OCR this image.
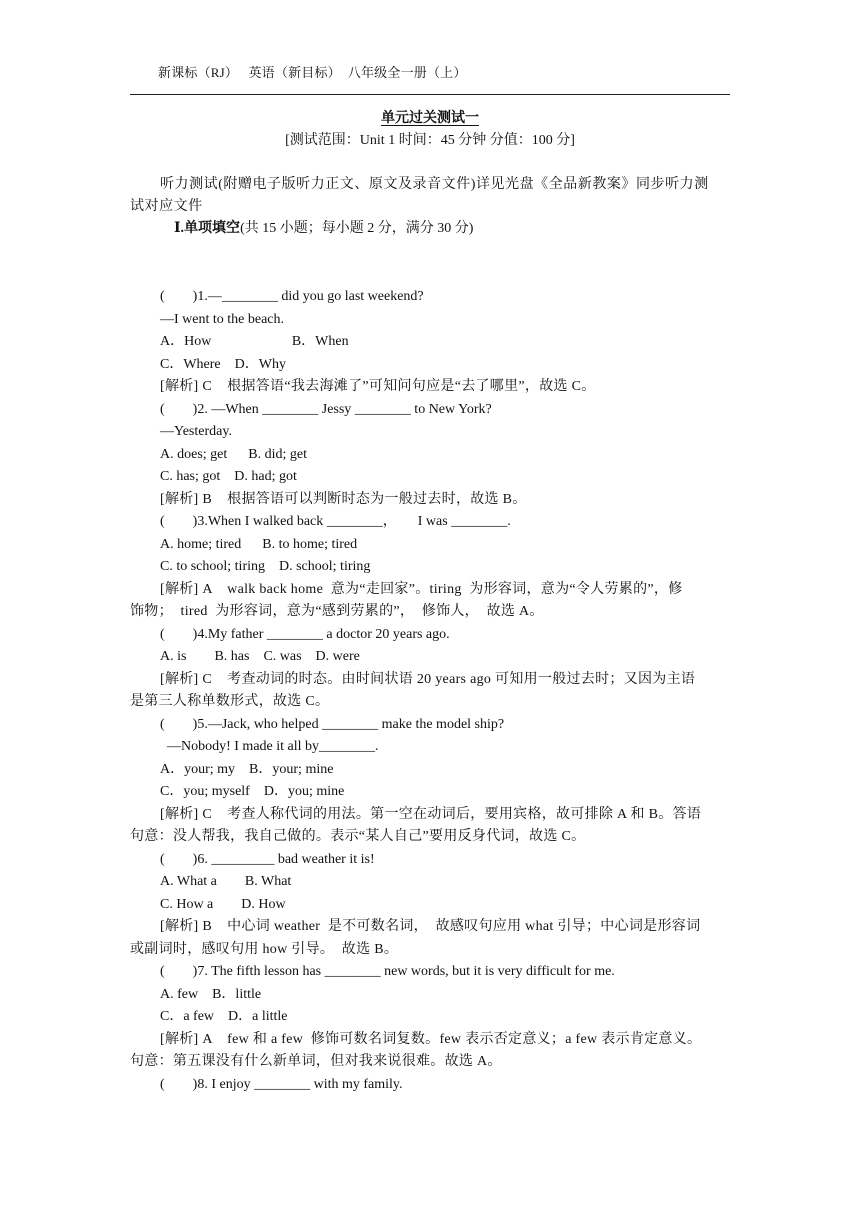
新课标（RJ）   英语（新目标）  八年级全一册（上）
单元过关测试一
[测试范围：Unit 1 时间：45 分钟 分值：100 分]
听力测试(附赠电子版听力正文、原文及录音文件)详见光盘《全品新教案》同步听力测
试对应文件
Ⅰ.单项填空(共 15 小题；每小题 2 分，满分 30 分)
(        )1.—________ did you go last weekend?
—I went to the beach.
A．How                       B．When
C．Where    D．Why
[解析] C    根据答语“我去海滩了”可知问句应是“去了哪里”，故选 C。
(        )2. —When ________ Jessy ________ to New York?
—Yesterday.
A. does; get      B. did; get
C. has; got    D. had; got
[解析] B    根据答语可以判断时态为一般过去时，故选 B。
(        )3.When I walked back ________，      I was ________.
A. home; tired      B. to home; tired
C. to school; tiring    D. school; tiring
[解析] A    walk back home  意为“走回家”。tiring  为形容词，意为“令人劳累的”，修
饰物；  tired  为形容词，意为“感到劳累的”，  修饰人，  故选 A。
(        )4.My father ________ a doctor 20 years ago.
A. is        B. has    C. was    D. were
[解析] C    考查动词的时态。由时间状语 20 years ago 可知用一般过去时；又因为主语
是第三人称单数形式，故选 C。
(        )5.—Jack, who helped ________ make the model ship?
—Nobody! I made it all by________.
A．your; my    B．your; mine
C．you; myself    D．you; mine
[解析] C    考查人称代词的用法。第一空在动词后，要用宾格，故可排除 A 和 B。答语
句意：没人帮我，我自己做的。表示“某人自己”要用反身代词，故选 C。
(        )6. _________ bad weather it is!
A. What a        B. What
C. How a        D. How
[解析] B    中心词 weather  是不可数名词，  故感叹句应用 what 引导；中心词是形容词
或副词时，感叹句用 how 引导。  故选 B。
(        )7. The fifth lesson has ________ new words, but it is very difficult for me.
A. few    B．little
C．a few    D．a little
[解析] A    few 和 a few  修饰可数名词复数。few 表示否定意义；a few 表示肯定意义。
句意：第五课没有什么新单词，但对我来说很难。故选 A。
(        )8. I enjoy ________ with my family.
